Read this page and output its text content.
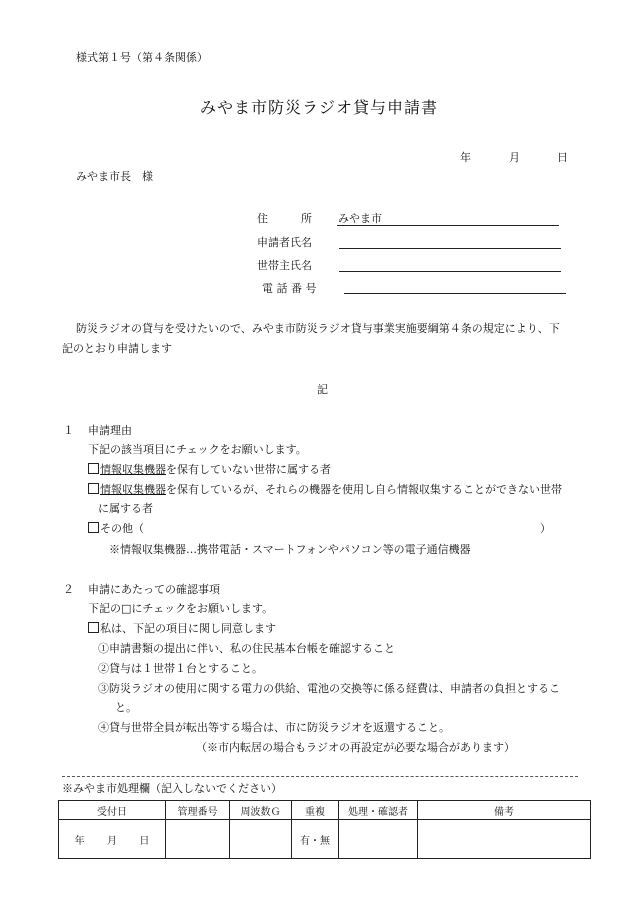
様式第１号（第４条関係）
みやま市防災ラジオ貸与申請書
年	月	日
みやま市長　様
住　　　所 みやま市
申請者氏名
世帯主氏名
電 話 番 号
防災ラジオの貸与を受けたいので、みやま市防災ラジオ貸与事業実施要綱第４条の規定により、下
記のとおり申請します
記
１ 申請理由
下記の該当項目にチェックをお願いします。
情報収集機器を保有していない世帯に属する者
情報収集機器を保有しているが、それらの機器を使用し自ら情報収集することができない世帯
に属する者
その他（	）
※情報収集機器…携帯電話・スマートフォンやパソコン等の電子通信機器
２ 申請にあたっての確認事項
下記の□にチェックをお願いします。
私は、下記の項目に関し同意します
①申請書類の提出に伴い、私の住民基本台帳を確認すること
②貸与は１世帯１台とすること。
③防災ラジオの使用に関する電力の供給、電池の交換等に係る経費は、申請者の負担とするこ
と。
④貸与世帯全員が転出等する場合は、市に防災ラジオを返還すること。
（※市内転居の場合もラジオの再設定が必要な場合があります）
※みやま市処理欄（記入しないでください）
受付日	管理番号	周波数Ｇ	重複	処理・確認者	備考
年 月 日			有・無		
